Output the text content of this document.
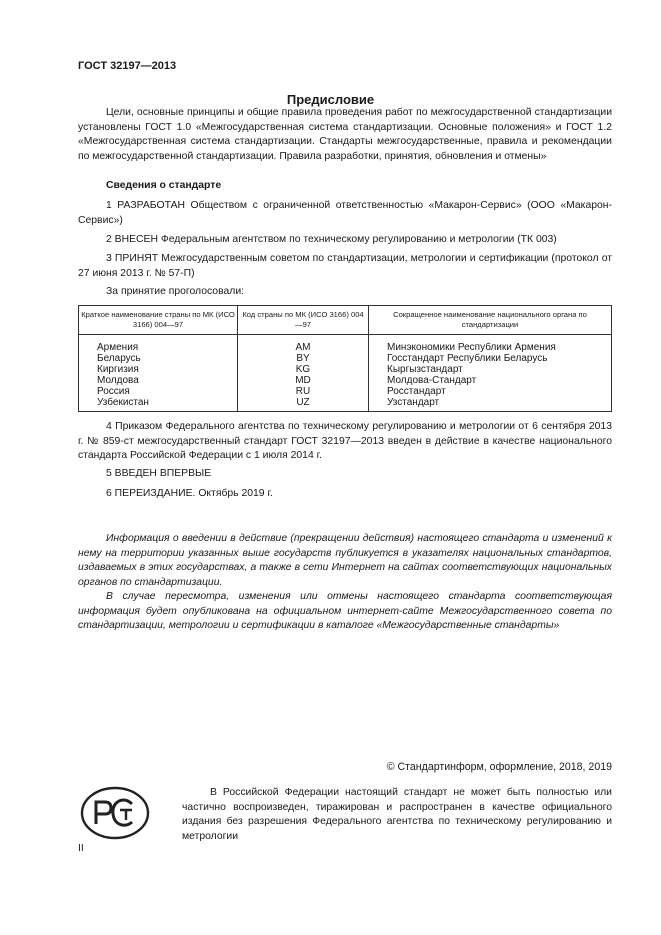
ГОСТ 32197—2013
Предисловие

Цели, основные принципы и общие правила проведения работ по межгосударственной стандартизации установлены ГОСТ 1.0 «Межгосударственная система стандартизации. Основные положения» и ГОСТ 1.2 «Межгосударственная система стандартизации. Стандарты межгосударственные, правила и рекомендации по межгосударственной стандартизации. Правила разработки, принятия, обновления и отмены»

Сведения о стандарте

1 РАЗРАБОТАН Обществом с ограниченной ответственностью «Макарон-Сервис» (ООО «Макарон-Сервис»)

2 ВНЕСЕН Федеральным агентством по техническому регулированию и метрологии (ТК 003)

3 ПРИНЯТ Межгосударственным советом по стандартизации, метрологии и сертификации (протокол от 27 июня 2013 г. № 57-П)

За принятие проголосовали:

Краткое наименование страны по МК (ИСО 3166) 004—97	Код страны по МК (ИСО 3166) 004—97	Сокращенное наименование национального органа по стандартизации
Армения	AM	Минэкономики Республики Армения
Беларусь	BY	Госстандарт Республики Беларусь
Киргизия	KG	Кыргызстандарт
Молдова	MD	Молдова-Стандарт
Россия	RU	Росстандарт
Узбекистан	UZ	Узстандарт

4 Приказом Федерального агентства по техническому регулированию и метрологии от 6 сентября 2013 г. № 859-ст межгосударственный стандарт ГОСТ 32197—2013 введен в действие в качестве национального стандарта Российской Федерации с 1 июля 2014 г.

5 ВВЕДЕН ВПЕРВЫЕ

6 ПЕРЕИЗДАНИЕ. Октябрь 2019 г.

Информация о введении в действие (прекращении действия) настоящего стандарта и изменений к нему на территории указанных выше государств публикуется в указателях национальных стандартов, издаваемых в этих государствах, а также в сети Интернет на сайтах соответствующих национальных органов по стандартизации.

В случае пересмотра, изменения или отмены настоящего стандарта соответствующая информация будет опубликована на официальном интернет-сайте Межгосударственного совета по стандартизации, метрологии и сертификации в каталоге «Межгосударственные стандарты»

© Стандартинформ, оформление, 2018, 2019

В Российской Федерации настоящий стандарт не может быть полностью или частично воспроизведен, тиражирован и распространен в качестве официального издания без разрешения Федерального агентства по техническому регулированию и метрологии

II
